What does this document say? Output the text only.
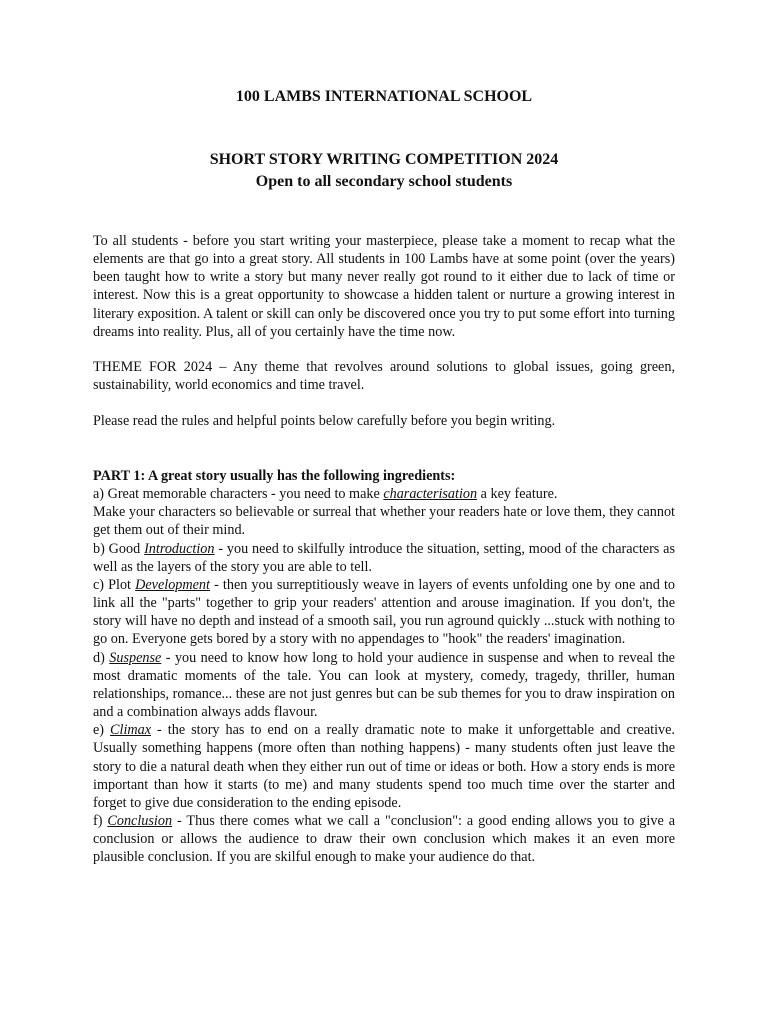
100 LAMBS INTERNATIONAL SCHOOL
SHORT STORY WRITING COMPETITION 2024
Open to all secondary school students

To all students - before you start writing your masterpiece, please take a moment to recap what the elements are that go into a great story. All students in 100 Lambs have at some point (over the years) been taught how to write a story but many never really got round to it either due to lack of time or interest. Now this is a great opportunity to showcase a hidden talent or nurture a growing interest in literary exposition. A talent or skill can only be discovered once you try to put some effort into turning dreams into reality. Plus, all of you certainly have the time now.

THEME FOR 2024 – Any theme that revolves around solutions to global issues, going green, sustainability, world economics and time travel.

Please read the rules and helpful points below carefully before you begin writing.

PART 1: A great story usually has the following ingredients:

a) Great memorable characters - you need to make characterisation a key feature.

Make your characters so believable or surreal that whether your readers hate or love them, they cannot get them out of their mind.

b) Good Introduction - you need to skilfully introduce the situation, setting, mood of the characters as well as the layers of the story you are able to tell.

c) Plot Development - then you surreptitiously weave in layers of events unfolding one by one and to link all the "parts" together to grip your readers' attention and arouse imagination. If you don't, the story will have no depth and instead of a smooth sail, you run aground quickly ...stuck with nothing to go on. Everyone gets bored by a story with no appendages to "hook" the readers' imagination.

d) Suspense - you need to know how long to hold your audience in suspense and when to reveal the most dramatic moments of the tale. You can look at mystery, comedy, tragedy, thriller, human relationships, romance... these are not just genres but can be sub themes for you to draw inspiration on and a combination always adds flavour.

e) Climax - the story has to end on a really dramatic note to make it unforgettable and creative. Usually something happens (more often than nothing happens) - many students often just leave the story to die a natural death when they either run out of time or ideas or both. How a story ends is more important than how it starts (to me) and many students spend too much time over the starter and forget to give due consideration to the ending episode.

f) Conclusion - Thus there comes what we call a "conclusion": a good ending allows you to give a conclusion or allows the audience to draw their own conclusion which makes it an even more plausible conclusion. If you are skilful enough to make your audience do that.
